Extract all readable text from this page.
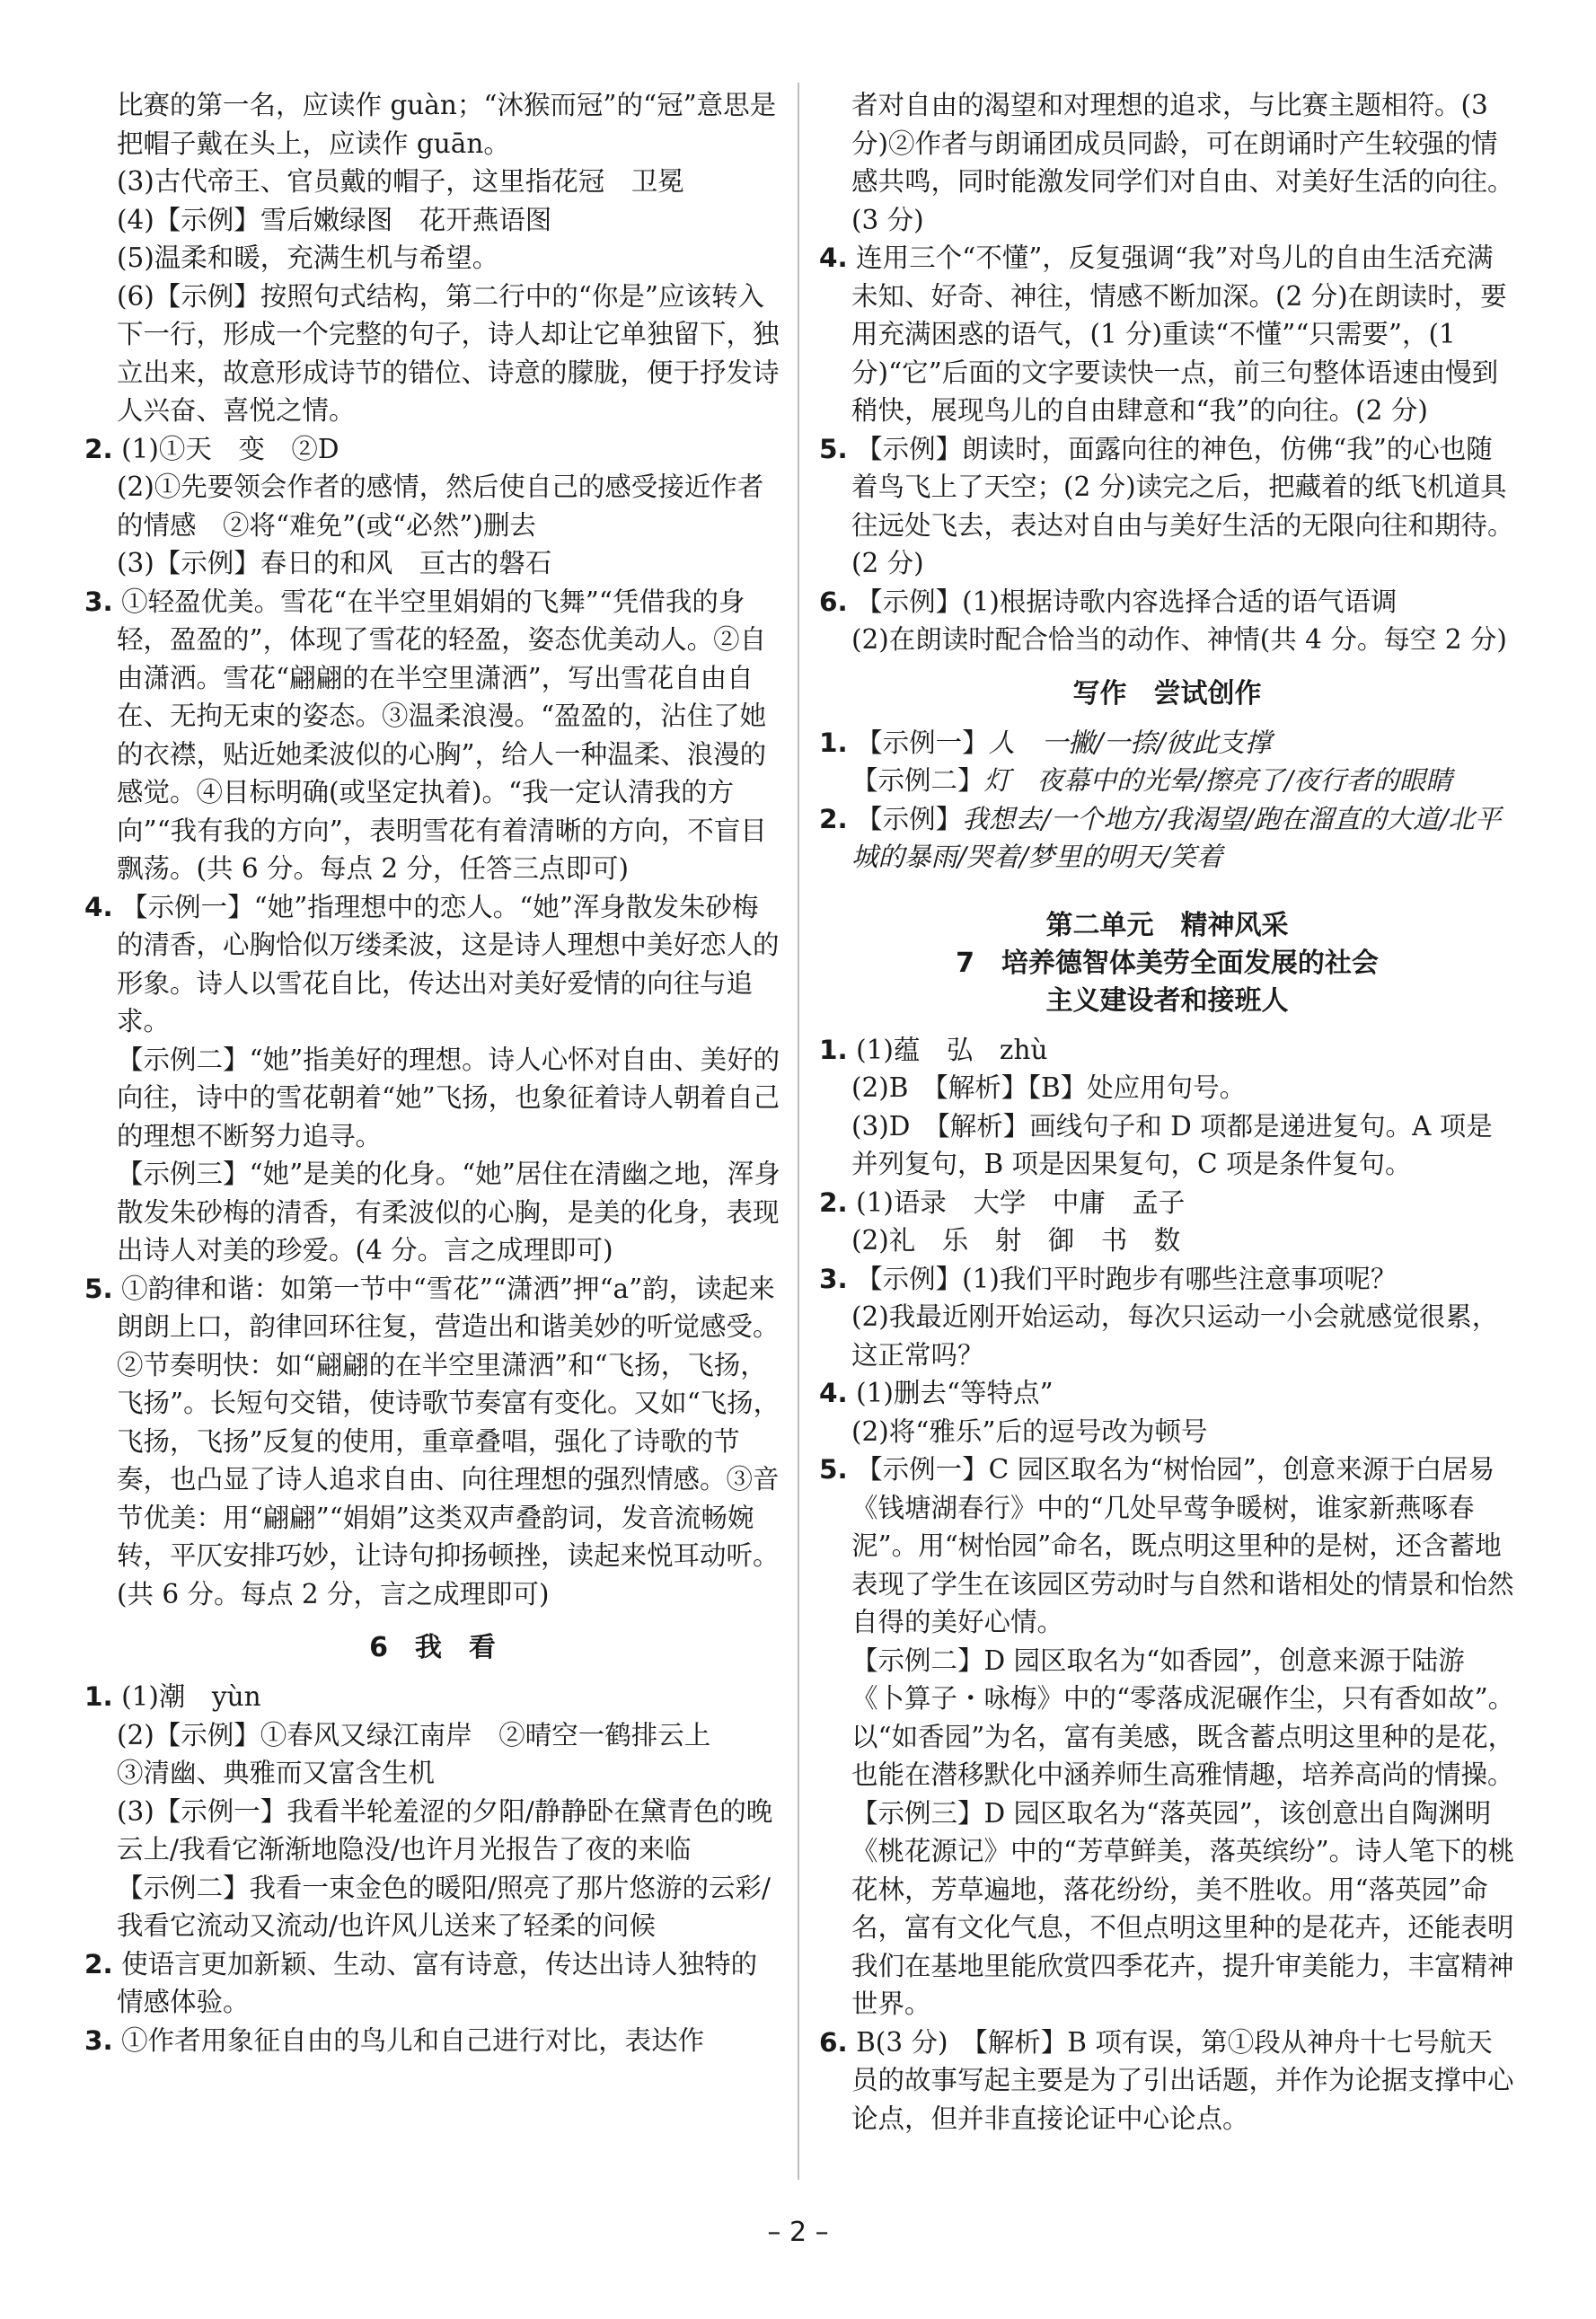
比赛的第一名，应读作 guàn；“沐猴而冠”的“冠”意思是把帽子戴在头上，应读作 guān。

(3)古代帝王、官员戴的帽子，这里指花冠　卫冕

(4)【示例】雪后嫩绿图　花开燕语图

(5)温柔和暖，充满生机与希望。

(6)【示例】按照句式结构，第二行中的“你是”应该转入下一行，形成一个完整的句子，诗人却让它单独留下，独立出来，故意形成诗节的错位、诗意的朦胧，便于抒发诗人兴奋、喜悦之情。

2. (1)①天　变　②D

(2)①先要领会作者的感情，然后使自己的感受接近作者的情感　②将“难免”(或“必然”)删去

(3)【示例】春日的和风　亘古的磐石

3. ①轻盈优美。雪花“在半空里娟娟的飞舞”“凭借我的身轻，盈盈的”，体现了雪花的轻盈，姿态优美动人。②自由潇洒。雪花“翩翩的在半空里潇洒”，写出雪花自由自在、无拘无束的姿态。③温柔浪漫。“盈盈的，沾住了她的衣襟，贴近她柔波似的心胸”，给人一种温柔、浪漫的感觉。④目标明确(或坚定执着)。“我一定认清我的方向”“我有我的方向”，表明雪花有着清晰的方向，不盲目飘荡。(共 6 分。每点 2 分，任答三点即可)

4. 【示例一】“她”指理想中的恋人。“她”浑身散发朱砂梅的清香，心胸恰似万缕柔波，这是诗人理想中美好恋人的形象。诗人以雪花自比，传达出对美好爱情的向往与追求。

【示例二】“她”指美好的理想。诗人心怀对自由、美好的向往，诗中的雪花朝着“她”飞扬，也象征着诗人朝着自己的理想不断努力追寻。

【示例三】“她”是美的化身。“她”居住在清幽之地，浑身散发朱砂梅的清香，有柔波似的心胸，是美的化身，表现出诗人对美的珍爱。(4 分。言之成理即可)

5. ①韵律和谐：如第一节中“雪花”“潇洒”押“a”韵，读起来朗朗上口，韵律回环往复，营造出和谐美妙的听觉感受。②节奏明快：如“翩翩的在半空里潇洒”和“飞扬，飞扬，飞扬”。长短句交错，使诗歌节奏富有变化。又如“飞扬，飞扬，飞扬”反复的使用，重章叠唱，强化了诗歌的节奏，也凸显了诗人追求自由、向往理想的强烈情感。③音节优美：用“翩翩”“娟娟”这类双声叠韵词，发音流畅婉转，平仄安排巧妙，让诗句抑扬顿挫，读起来悦耳动听。(共 6 分。每点 2 分，言之成理即可)

6　我　看

1. (1)潮　yùn

(2)【示例】①春风又绿江南岸　②晴空一鹤排云上

③清幽、典雅而又富含生机

(3)【示例一】我看半轮羞涩的夕阳/静静卧在黛青色的晚云上/我看它渐渐地隐没/也许月光报告了夜的来临

【示例二】我看一束金色的暖阳/照亮了那片悠游的云彩/我看它流动又流动/也许风儿送来了轻柔的问候

2. 使语言更加新颖、生动、富有诗意，传达出诗人独特的情感体验。

3. ①作者用象征自由的鸟儿和自己进行对比，表达作

者对自由的渴望和对理想的追求，与比赛主题相符。(3 分)②作者与朗诵团成员同龄，可在朗诵时产生较强的情感共鸣，同时能激发同学们对自由、对美好生活的向往。(3 分)

4. 连用三个“不懂”，反复强调“我”对鸟儿的自由生活充满未知、好奇、神往，情感不断加深。(2 分)在朗读时，要用充满困惑的语气，(1 分)重读“不懂”“只需要”，(1 分)“它”后面的文字要读快一点，前三句整体语速由慢到稍快，展现鸟儿的自由肆意和“我”的向往。(2 分)

5. 【示例】朗读时，面露向往的神色，仿佛“我”的心也随着鸟飞上了天空；(2 分)读完之后，把藏着的纸飞机道具往远处飞去，表达对自由与美好生活的无限向往和期待。(2 分)

6. 【示例】(1)根据诗歌内容选择合适的语气语调

(2)在朗读时配合恰当的动作、神情(共 4 分。每空 2 分)

写作　尝试创作

1. 【示例一】人　一撇/一捺/彼此支撑

【示例二】灯　夜幕中的光晕/擦亮了/夜行者的眼睛

2. 【示例】我想去/一个地方/我渴望/跑在溜直的大道/北平城的暴雨/哭着/梦里的明天/笑着

第二单元　精神风采

7　培养德智体美劳全面发展的社会

主义建设者和接班人

1. (1)蕴　弘　zhù

(2)B　【解析】【B】处应用句号。

(3)D　【解析】画线句子和 D 项都是递进复句。A 项是并列复句，B 项是因果复句，C 项是条件复句。

2. (1)语录　大学　中庸　孟子

(2)礼　乐　射　御　书　数

3. 【示例】(1)我们平时跑步有哪些注意事项呢？

(2)我最近刚开始运动，每次只运动一小会就感觉很累，这正常吗？

4. (1)删去“等特点”

(2)将“雅乐”后的逗号改为顿号

5. 【示例一】C 园区取名为“树怡园”，创意来源于白居易《钱塘湖春行》中的“几处早莺争暖树，谁家新燕啄春泥”。用“树怡园”命名，既点明这里种的是树，还含蓄地表现了学生在该园区劳动时与自然和谐相处的情景和怡然自得的美好心情。

【示例二】D 园区取名为“如香园”，创意来源于陆游《卜算子・咏梅》中的“零落成泥碾作尘，只有香如故”。以“如香园”为名，富有美感，既含蓄点明这里种的是花，也能在潜移默化中涵养师生高雅情趣，培养高尚的情操。

【示例三】D 园区取名为“落英园”，该创意出自陶渊明《桃花源记》中的“芳草鲜美，落英缤纷”。诗人笔下的桃花林，芳草遍地，落花纷纷，美不胜收。用“落英园”命名，富有文化气息，不但点明这里种的是花卉，还能表明我们在基地里能欣赏四季花卉，提升审美能力，丰富精神世界。

6. B(3 分)　【解析】B 项有误，第①段从神舟十七号航天员的故事写起主要是为了引出话题，并作为论据支撑中心论点，但并非直接论证中心论点。

– 2 –
